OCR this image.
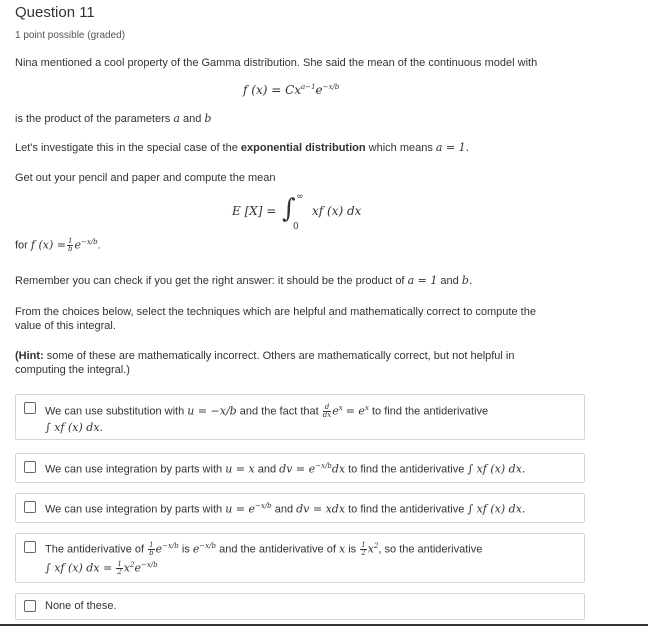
Question 11
1 point possible (graded)
Nina mentioned a cool property of the Gamma distribution. She said the mean of the continuous model with
f $(x) = Cx^{a-1}e^{-x/b}$
is the product of the parameters a and b
Let's investigate this in the special case of the exponential distribution which means a = 1.
Get out your pencil and paper and compute the mean
E [X] = ∫ ∞
0
xf (x) dx
for f $(x) = \frac{1}{b} e^{-x/b}$.
Remember you can check if you get the right answer: it should be the product of a = 1 and b.
From the choices below, select the techniques which are helpful and mathematically correct to compute the
value of this integral.
(Hint: some of these are mathematically incorrect. Others are mathematically correct, but not helpful in
computing the integral.)
We can use substitution with u = −x/b and the fact that $\frac{d}{dx} e^x = e^x$ to find the antiderivative
∫ xf (x) dx.
We can use integration by parts with u = x and dv = $e^{-x/b}dx$ to find the antiderivative ∫ xf (x) dx.
We can use integration by parts with $u = e^{-x/b}$ and dv = xdx to find the antiderivative ∫ xf (x) dx.
The antiderivative of $\frac{1}{b} e^{-x/b}$ is $e^{-x/b}$ and the antiderivative of x is $\frac{1}{2} x^2$, so the antiderivative
∫ xf (x) dx = $\frac{1}{2} x^2e^{-x/b}$
None of these.
